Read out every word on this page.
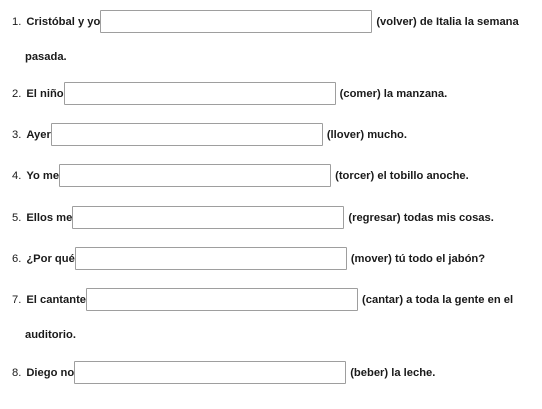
1. Cristóbal y yo	(volver) de Italia la semana
pasada.
2. El niño	(comer) la manzana.
3. Ayer	(llover) mucho.
4. Yo me	(torcer) el tobillo anoche.
5. Ellos me	(regresar) todas mis cosas.
6. ¿Por qué	(mover) tú todo el jabón?
7. El cantante	(cantar) a toda la gente en el
auditorio.
8. Diego no	(beber) la leche.
